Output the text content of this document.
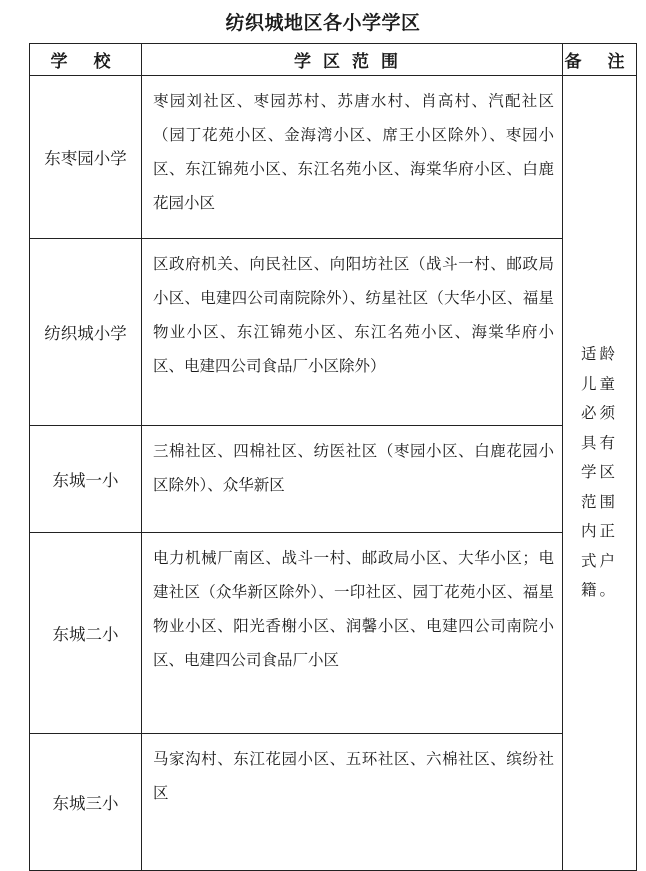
纺织城地区各小学学区
学 校	学区范围	备 注
东枣园小学	枣园刘社区、枣园苏村、苏唐水村、肖高村、汽配社区（园丁花苑小区、金海湾小区、席王小区除外）、枣园小区、东江锦苑小区、东江名苑小区、海棠华府小区、白鹿花园小区	适龄儿童必须具有学区范围内正式户籍。
纺织城小学	区政府机关、向民社区、向阳坊社区（战斗一村、邮政局小区、电建四公司南院除外）、纺星社区（大华小区、福星物业小区、东江锦苑小区、东江名苑小区、海棠华府小区、电建四公司食品厂小区除外）	
东城一小	三棉社区、四棉社区、纺医社区（枣园小区、白鹿花园小区除外）、众华新区	
东城二小	电力机械厂南区、战斗一村、邮政局小区、大华小区；电建社区（众华新区除外）、一印社区、园丁花苑小区、福星物业小区、阳光香榭小区、润馨小区、电建四公司南院小区、电建四公司食品厂小区	
东城三小	马家沟村、东江花园小区、五环社区、六棉社区、缤纷社区	
